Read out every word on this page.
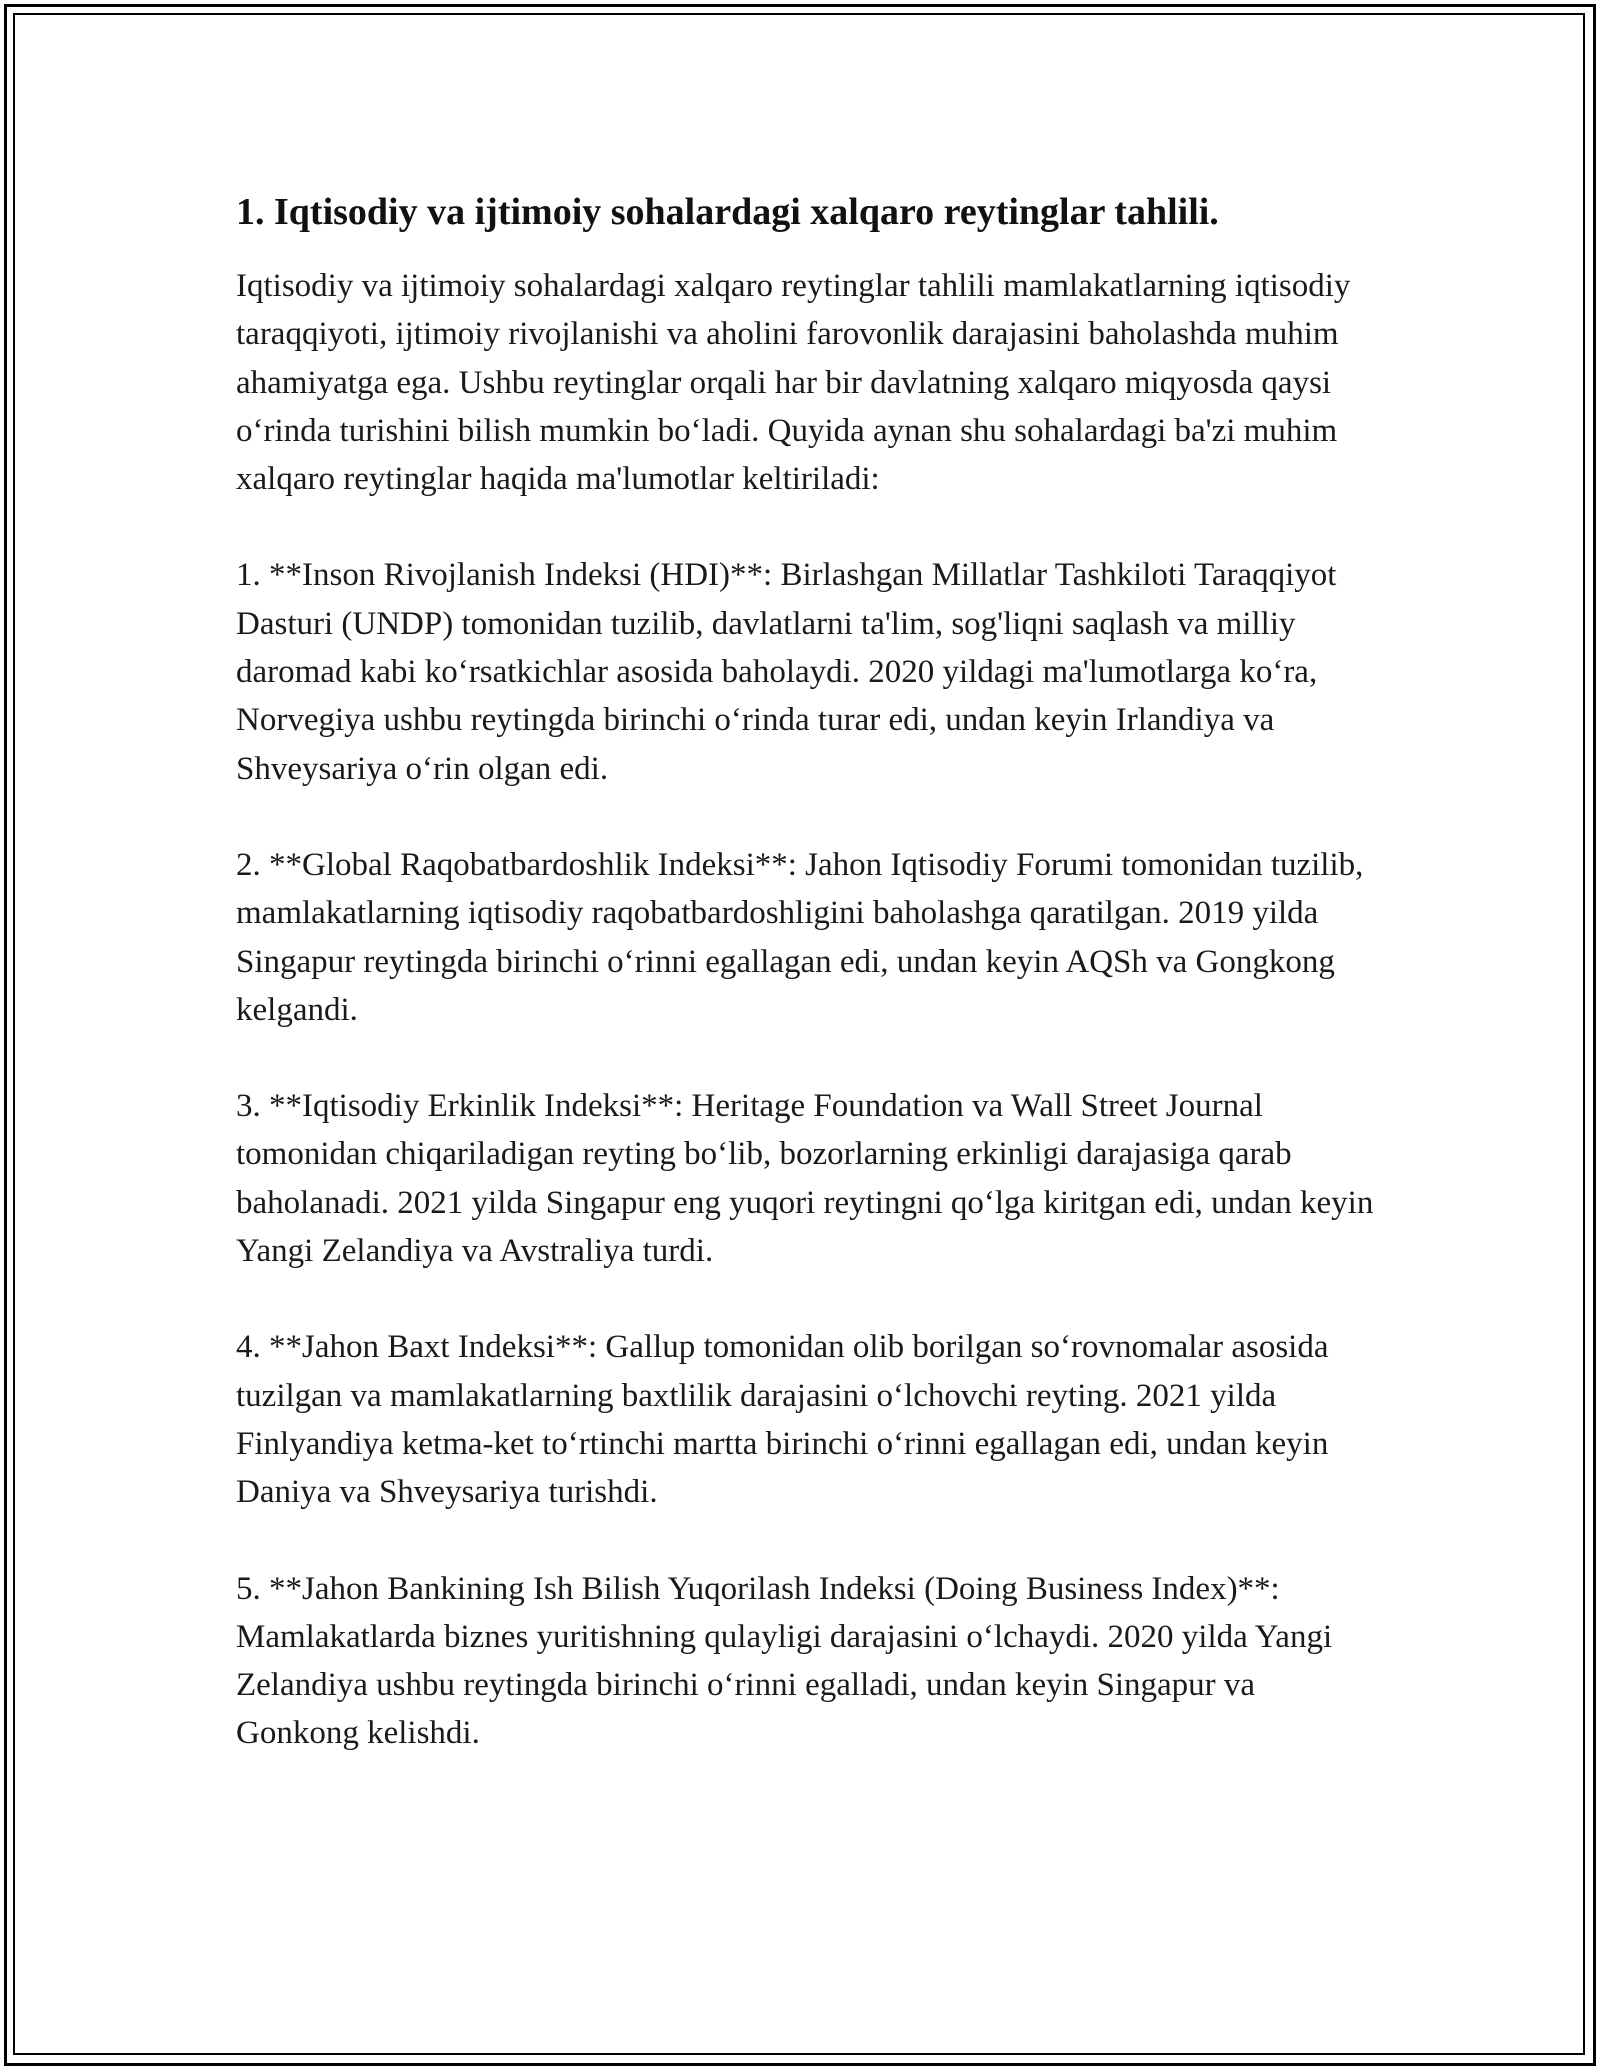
1. Iqtisodiy va ijtimoiy sohalardagi xalqaro reytinglar tahlili.

Iqtisodiy va ijtimoiy sohalardagi xalqaro reytinglar tahlili mamlakatlarning iqtisodiy taraqqiyoti, ijtimoiy rivojlanishi va aholini farovonlik darajasini baholashda muhim ahamiyatga ega. Ushbu reytinglar orqali har bir davlatning xalqaro miqyosda qaysi o‘rinda turishini bilish mumkin bo‘ladi. Quyida aynan shu sohalardagi ba'zi muhim xalqaro reytinglar haqida ma'lumotlar keltiriladi:

1. **Inson Rivojlanish Indeksi (HDI)**: Birlashgan Millatlar Tashkiloti Taraqqiyot Dasturi (UNDP) tomonidan tuzilib, davlatlarni ta'lim, sog'liqni saqlash va milliy daromad kabi ko‘rsatkichlar asosida baholaydi. 2020 yildagi ma'lumotlarga ko‘ra, Norvegiya ushbu reytingda birinchi o‘rinda turar edi, undan keyin Irlandiya va Shveysariya o‘rin olgan edi.

2. **Global Raqobatbardoshlik Indeksi**: Jahon Iqtisodiy Forumi tomonidan tuzilib, mamlakatlarning iqtisodiy raqobatbardoshligini baholashga qaratilgan. 2019 yilda Singapur reytingda birinchi o‘rinni egallagan edi, undan keyin AQSh va Gongkong kelgandi.

3. **Iqtisodiy Erkinlik Indeksi**: Heritage Foundation va Wall Street Journal tomonidan chiqariladigan reyting bo‘lib, bozorlarning erkinligi darajasiga qarab baholanadi. 2021 yilda Singapur eng yuqori reytingni qo‘lga kiritgan edi, undan keyin Yangi Zelandiya va Avstraliya turdi.

4. **Jahon Baxt Indeksi**: Gallup tomonidan olib borilgan so‘rovnomalar asosida tuzilgan va mamlakatlarning baxtlilik darajasini o‘lchovchi reyting. 2021 yilda Finlyandiya ketma-ket to‘rtinchi martta birinchi o‘rinni egallagan edi, undan keyin Daniya va Shveysariya turishdi.

5. **Jahon Bankining Ish Bilish Yuqorilash Indeksi (Doing Business Index)**: Mamlakatlarda biznes yuritishning qulayligi darajasini o‘lchaydi. 2020 yilda Yangi Zelandiya ushbu reytingda birinchi o‘rinni egalladi, undan keyin Singapur va Gonkong kelishdi.
